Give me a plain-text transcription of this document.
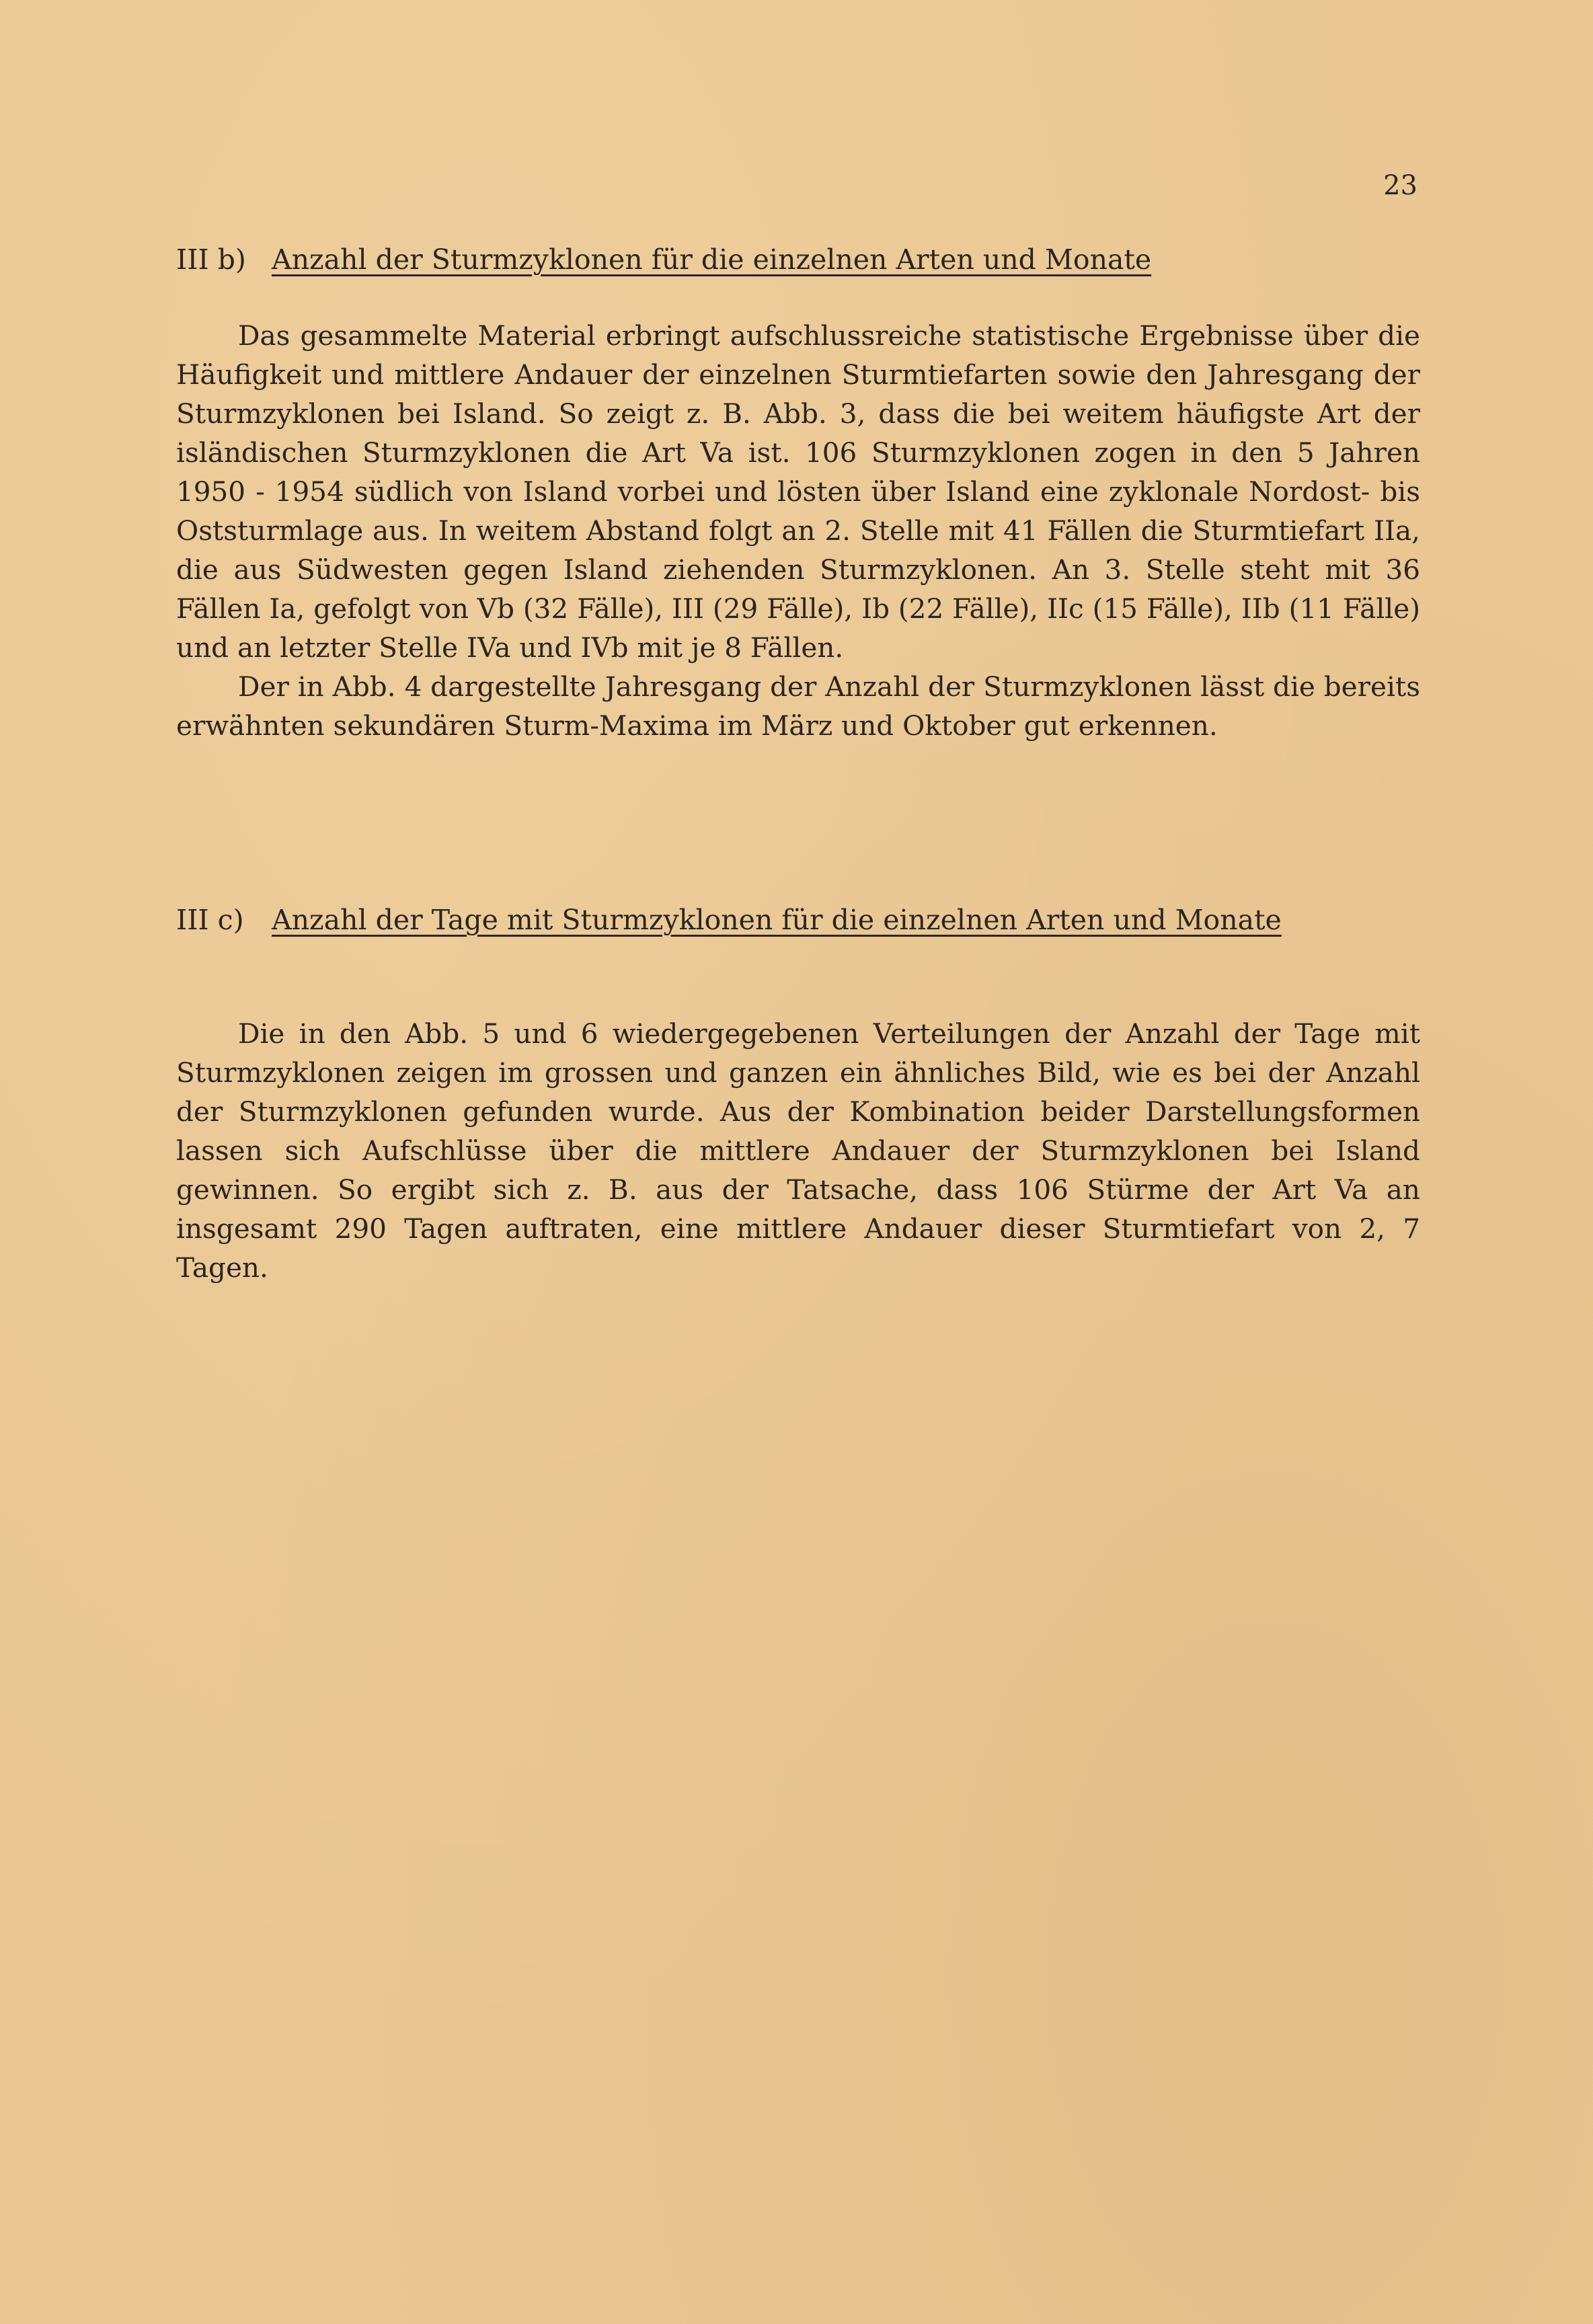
23
III b) Anzahl der Sturmzyklonen für die einzelnen Arten und Monate

Das gesammelte Material erbringt aufschlussreiche statistische Ergebnisse über die Häufigkeit und mittlere Andauer der einzelnen Sturmtiefarten sowie den Jahresgang der Sturmzyklonen bei Island. So zeigt z. B. Abb. 3, dass die bei weitem häufigste Art der isländischen Sturmzyklonen die Art Va ist. 106 Sturmzyklonen zogen in den 5 Jahren 1950 - 1954 südlich von Island vorbei und lösten über Island eine zyklonale Nordost- bis Oststurmlage aus. In weitem Abstand folgt an 2. Stelle mit 41 Fällen die Sturmtiefart IIa, die aus Südwesten gegen Island ziehenden Sturmzyklonen. An 3. Stelle steht mit 36 Fällen Ia, gefolgt von Vb (32 Fälle), III (29 Fälle), Ib (22 Fälle), IIc (15 Fälle), IIb (11 Fälle) und an letzter Stelle IVa und IVb mit je 8 Fällen.

Der in Abb. 4 dargestellte Jahresgang der Anzahl der Sturmzyklonen lässt die bereits erwähnten sekundären Sturm-Maxima im März und Oktober gut erkennen.

III c)	Anzahl der Tage mit Sturmzyklonen für die einzelnen Arten und Monate

Die in den Abb. 5 und 6 wiedergegebenen Verteilungen der Anzahl der Tage mit Sturmzyklonen zeigen im grossen und ganzen ein ähnliches Bild, wie es bei der Anzahl der Sturmzyklonen gefunden wurde. Aus der Kombination beider Darstellungsformen lassen sich Aufschlüsse über die mittlere Andauer der Sturmzyklonen bei Island gewinnen. So ergibt sich z. B. aus der Tatsache, dass 106 Stürme der Art Va an insgesamt 290 Tagen auftraten, eine mittlere Andauer dieser Sturmtiefart von 2, 7 Tagen.
